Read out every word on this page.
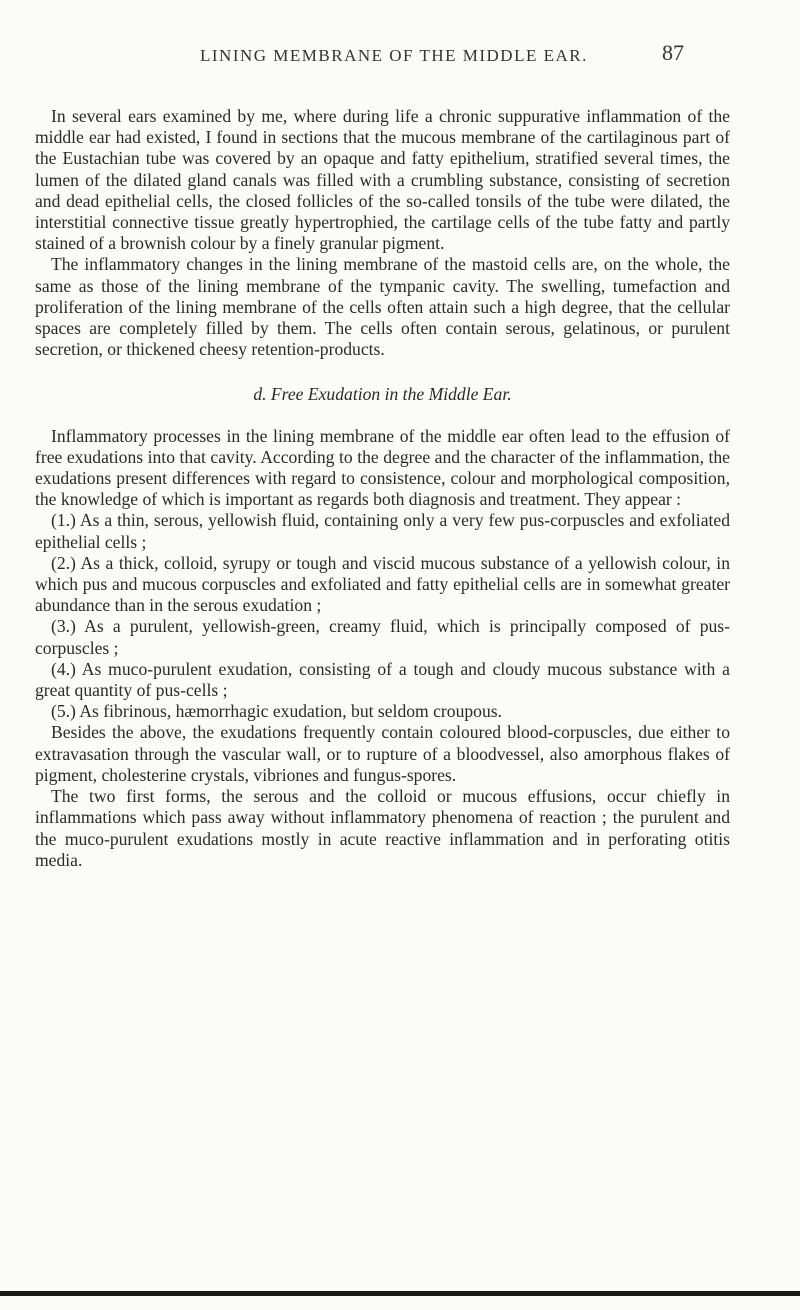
LINING MEMBRANE OF THE MIDDLE EAR.	87

In several ears examined by me, where during life a chronic suppurative inflammation of the middle ear had existed, I found in sections that the mucous membrane of the cartilaginous part of the Eustachian tube was covered by an opaque and fatty epithelium, stratified several times, the lumen of the dilated gland canals was filled with a crumbling substance, consisting of secretion and dead epithelial cells, the closed follicles of the so-called tonsils of the tube were dilated, the interstitial connective tissue greatly hypertrophied, the cartilage cells of the tube fatty and partly stained of a brownish colour by a finely granular pigment.

The inflammatory changes in the lining membrane of the mastoid cells are, on the whole, the same as those of the lining membrane of the tympanic cavity. The swelling, tumefaction and proliferation of the lining membrane of the cells often attain such a high degree, that the cellular spaces are completely filled by them. The cells often contain serous, gelatinous, or purulent secretion, or thickened cheesy retention-products.

d. Free Exudation in the Middle Ear.

Inflammatory processes in the lining membrane of the middle ear often lead to the effusion of free exudations into that cavity. According to the degree and the character of the inflammation, the exudations present differences with regard to consistence, colour and morphological composition, the knowledge of which is important as regards both diagnosis and treatment. They appear :

(1.) As a thin, serous, yellowish fluid, containing only a very few pus-corpuscles and exfoliated epithelial cells ;

(2.) As a thick, colloid, syrupy or tough and viscid mucous substance of a yellowish colour, in which pus and mucous corpuscles and exfoliated and fatty epithelial cells are in somewhat greater abundance than in the serous exudation ;

(3.) As a purulent, yellowish-green, creamy fluid, which is principally composed of pus-corpuscles ;

(4.) As muco-purulent exudation, consisting of a tough and cloudy mucous substance with a great quantity of pus-cells ;

(5.) As fibrinous, hæmorrhagic exudation, but seldom croupous.

Besides the above, the exudations frequently contain coloured blood-corpuscles, due either to extravasation through the vascular wall, or to rupture of a bloodvessel, also amorphous flakes of pigment, cholesterine crystals, vibriones and fungus-spores.

The two first forms, the serous and the colloid or mucous effusions, occur chiefly in inflammations which pass away without inflammatory phenomena of reaction ; the purulent and the muco-purulent exudations mostly in acute reactive inflammation and in perforating otitis media.
